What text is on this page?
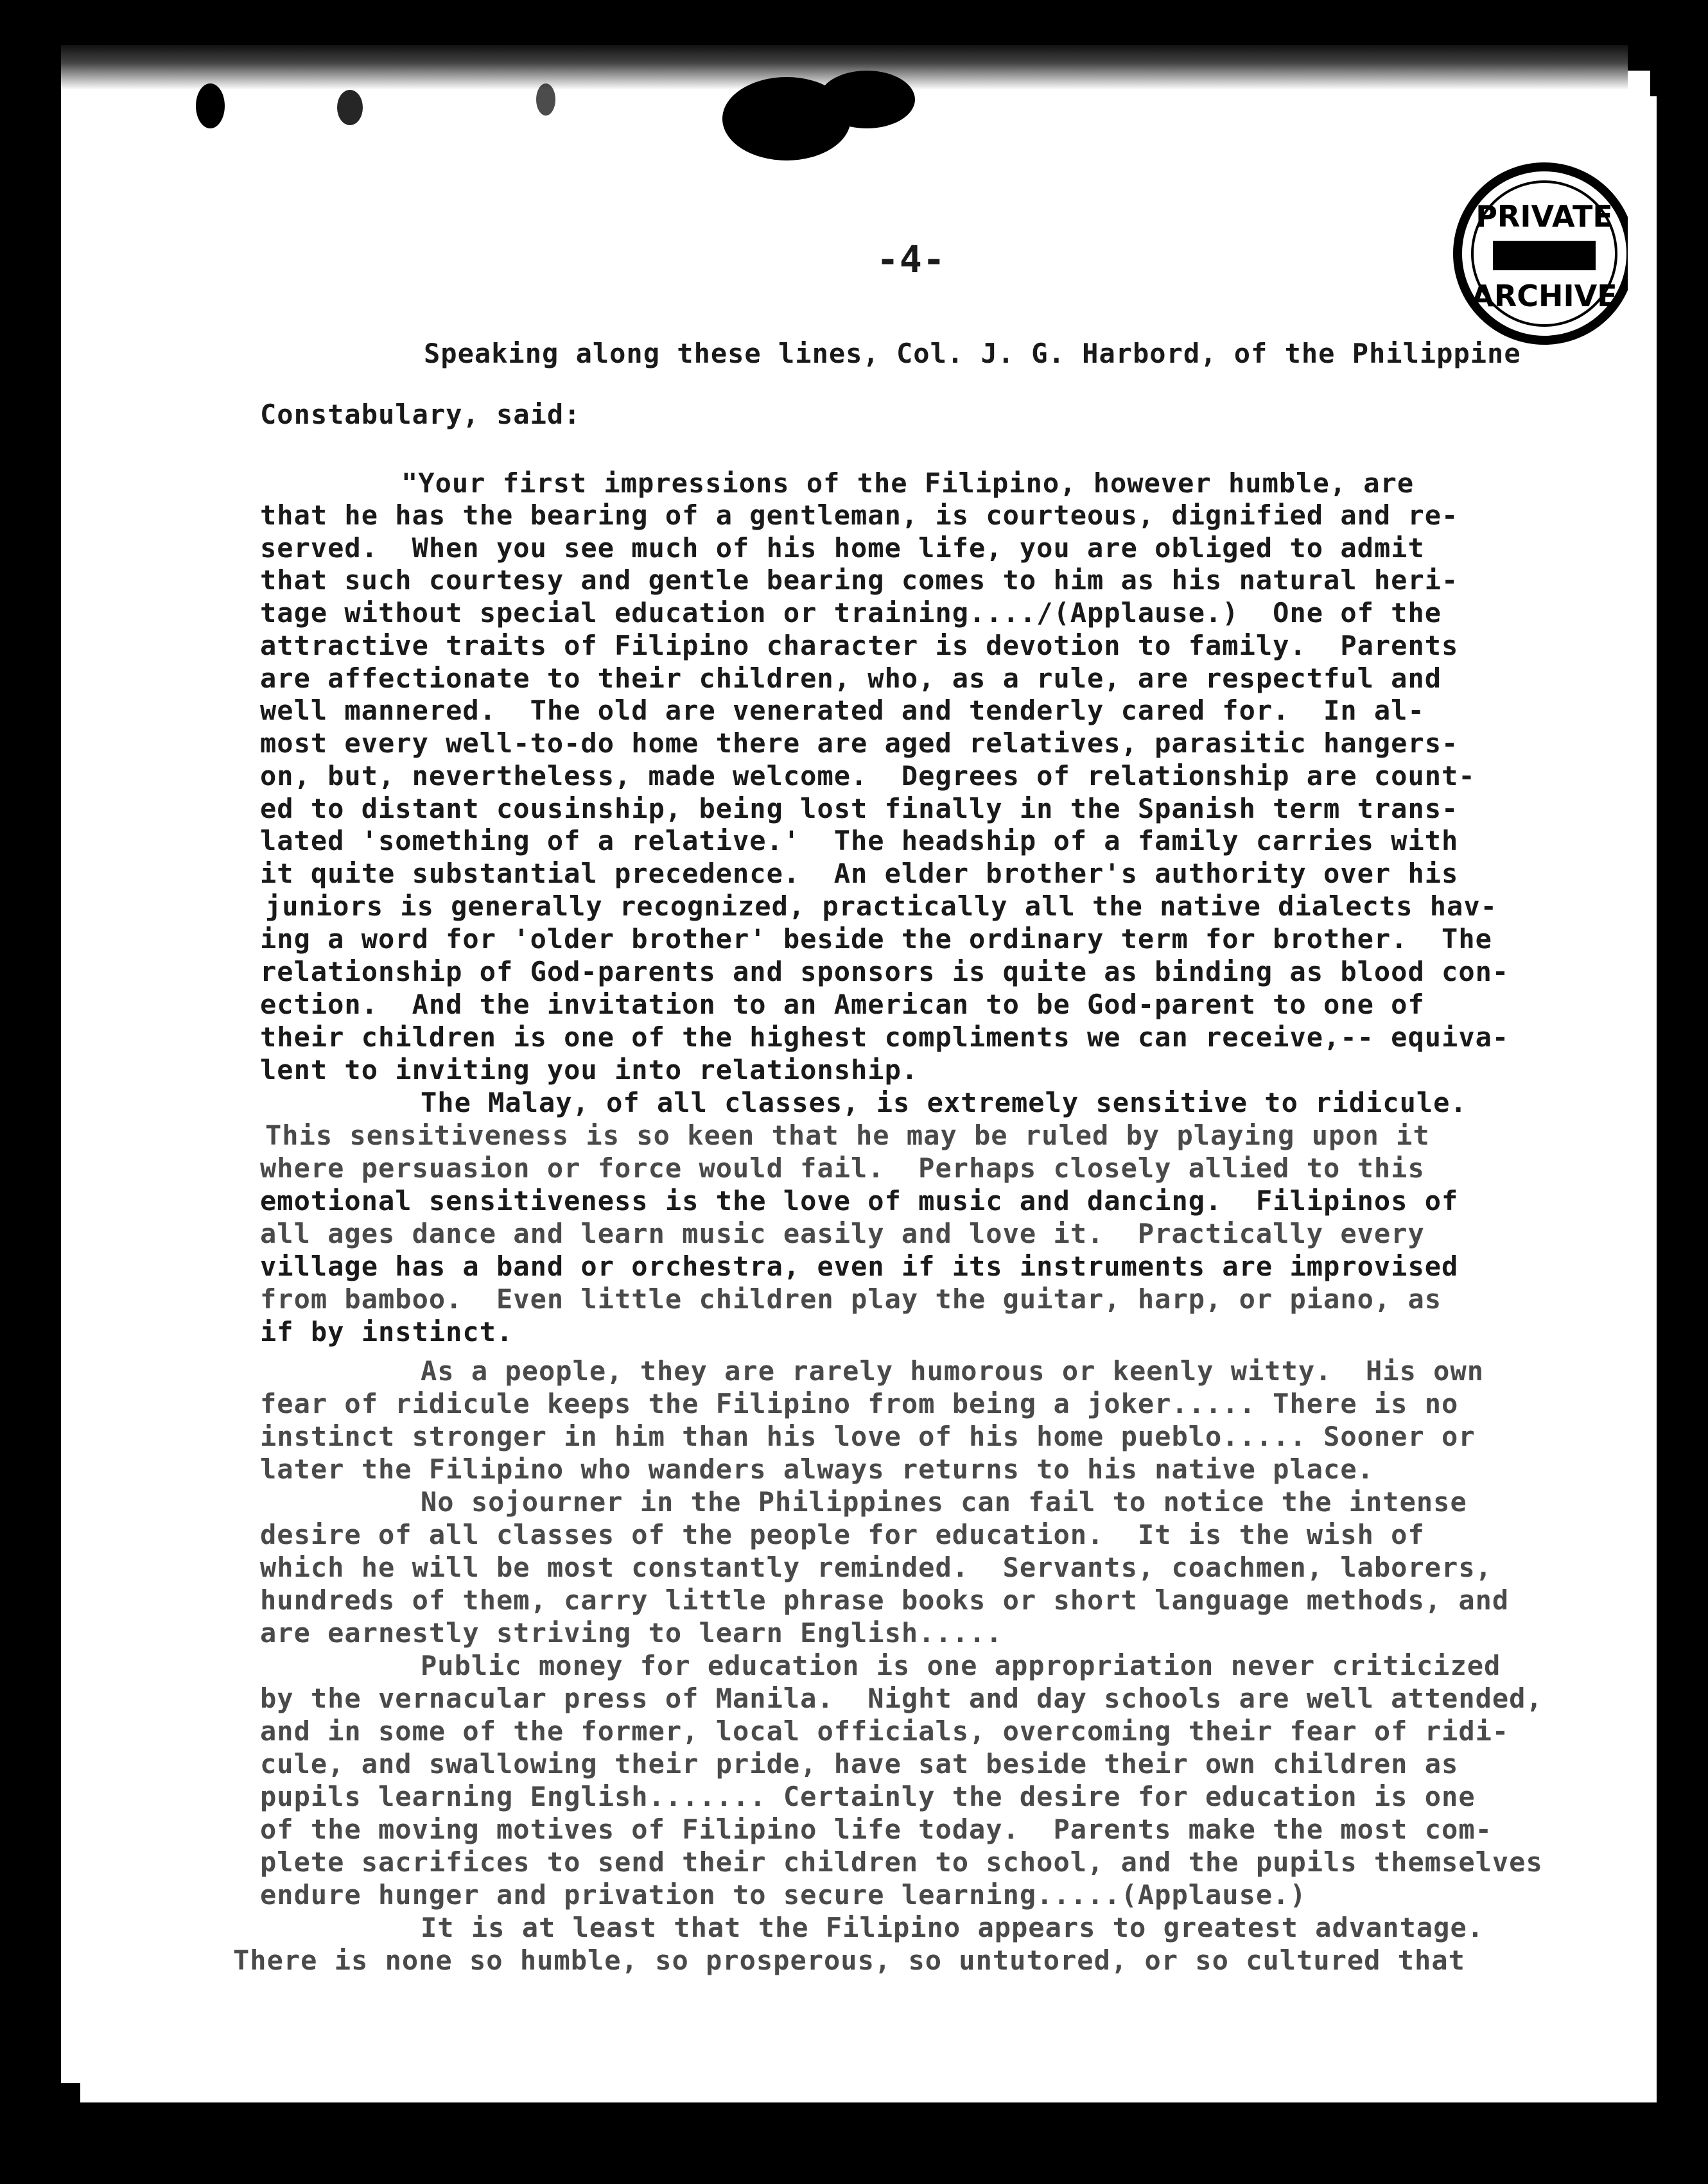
PRIVATE
ARCHIVE
-4-
Speaking along these lines, Col. J. G. Harbord, of the Philippine
Constabulary, said:
"Your first impressions of the Filipino, however humble, are
that he has the bearing of a gentleman, is courteous, dignified and re-
served.  When you see much of his home life, you are obliged to admit
that such courtesy and gentle bearing comes to him as his natural heri-
tage without special education or training..../(Applause.)  One of the
attractive traits of Filipino character is devotion to family.  Parents
are affectionate to their children, who, as a rule, are respectful and
well mannered.  The old are venerated and tenderly cared for.  In al-
most every well-to-do home there are aged relatives, parasitic hangers-
on, but, nevertheless, made welcome.  Degrees of relationship are count-
ed to distant cousinship, being lost finally in the Spanish term trans-
lated 'something of a relative.'  The headship of a family carries with
it quite substantial precedence.  An elder brother's authority over his
juniors is generally recognized, practically all the native dialects hav-
ing a word for 'older brother' beside the ordinary term for brother.  The
relationship of God-parents and sponsors is quite as binding as blood con-
ection.  And the invitation to an American to be God-parent to one of
their children is one of the highest compliments we can receive,-- equiva-
lent to inviting you into relationship.
The Malay, of all classes, is extremely sensitive to ridicule.
This sensitiveness is so keen that he may be ruled by playing upon it
where persuasion or force would fail.  Perhaps closely allied to this
emotional sensitiveness is the love of music and dancing.  Filipinos of
all ages dance and learn music easily and love it.  Practically every
village has a band or orchestra, even if its instruments are improvised
from bamboo.  Even little children play the guitar, harp, or piano, as
if by instinct.
As a people, they are rarely humorous or keenly witty.  His own
fear of ridicule keeps the Filipino from being a joker..... There is no
instinct stronger in him than his love of his home pueblo..... Sooner or
later the Filipino who wanders always returns to his native place.
No sojourner in the Philippines can fail to notice the intense
desire of all classes of the people for education.  It is the wish of
which he will be most constantly reminded.  Servants, coachmen, laborers,
hundreds of them, carry little phrase books or short language methods, and
are earnestly striving to learn English.....
Public money for education is one appropriation never criticized
by the vernacular press of Manila.  Night and day schools are well attended,
and in some of the former, local officials, overcoming their fear of ridi-
cule, and swallowing their pride, have sat beside their own children as
pupils learning English....... Certainly the desire for education is one
of the moving motives of Filipino life today.  Parents make the most com-
plete sacrifices to send their children to school, and the pupils themselves
endure hunger and privation to secure learning.....(Applause.)
It is at least that the Filipino appears to greatest advantage.
There is none so humble, so prosperous, so untutored, or so cultured that
